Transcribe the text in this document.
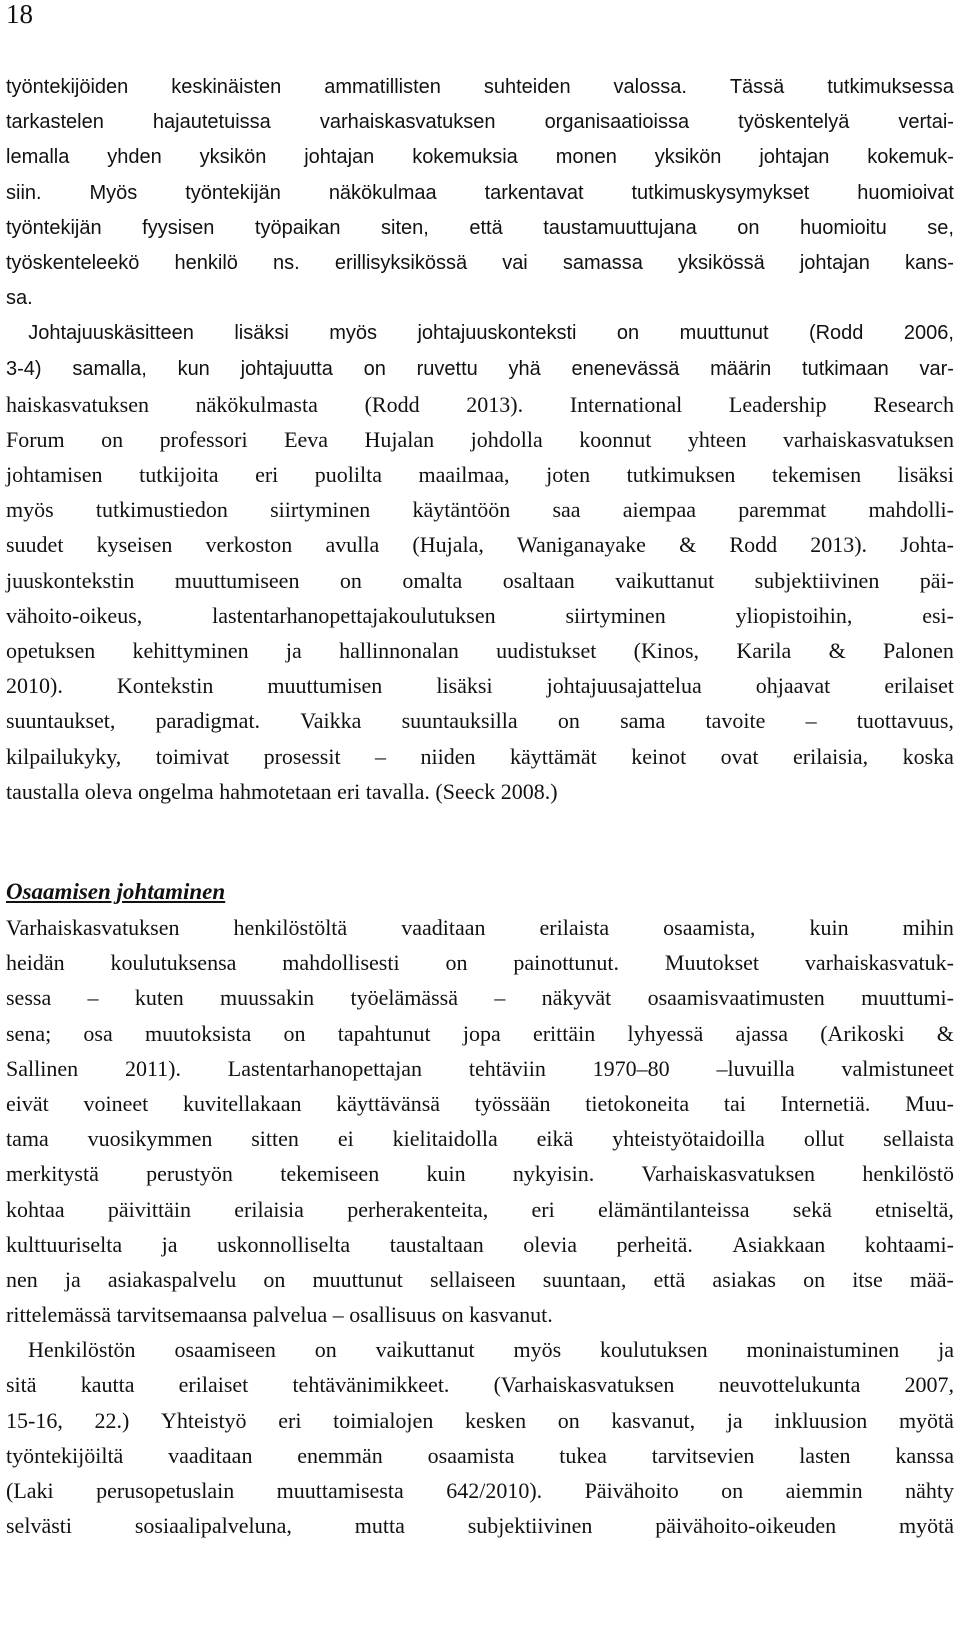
18
työntekijöiden keskinäisten ammatillisten suhteiden valossa. Tässä tutkimuksessa
tarkastelen hajautetuissa varhaiskasvatuksen organisaatioissa työskentelyä vertai-
lemalla yhden yksikön johtajan kokemuksia monen yksikön johtajan kokemuk-
siin. Myös työntekijän näkökulmaa tarkentavat tutkimuskysymykset huomioivat
työntekijän fyysisen työpaikan siten, että taustamuuttujana on huomioitu se,
työskenteleekö henkilö ns. erillisyksikössä vai samassa yksikössä johtajan kans-
sa.
Johtajuuskäsitteen lisäksi myös johtajuuskonteksti on muuttunut (Rodd 2006,
3-4) samalla, kun johtajuutta on ruvettu yhä enenevässä määrin tutkimaan var-
haiskasvatuksen näkökulmasta (Rodd 2013). International Leadership Research
Forum on professori Eeva Hujalan johdolla koonnut yhteen varhaiskasvatuksen
johtamisen tutkijoita eri puolilta maailmaa, joten tutkimuksen tekemisen lisäksi
myös tutkimustiedon siirtyminen käytäntöön saa aiempaa paremmat mahdolli-
suudet kyseisen verkoston avulla (Hujala, Waniganayake & Rodd 2013). Johta-
juuskontekstin muuttumiseen on omalta osaltaan vaikuttanut subjektiivinen päi-
vähoito-oikeus,	lastentarhanopettajakoulutuksen	siirtyminen	yliopistoihin,	esi-
opetuksen kehittyminen ja hallinnonalan uudistukset (Kinos, Karila & Palonen
2010). Kontekstin muuttumisen lisäksi johtajuusajattelua ohjaavat erilaiset
suuntaukset, paradigmat. Vaikka suuntauksilla on sama tavoite – tuottavuus,
kilpailukyky, toimivat prosessit – niiden käyttämät keinot ovat erilaisia, koska
taustalla oleva ongelma hahmotetaan eri tavalla. (Seeck 2008.)
Osaamisen johtaminen
Varhaiskasvatuksen henkilöstöltä vaaditaan erilaista osaamista, kuin mihin
heidän koulutuksensa mahdollisesti on painottunut. Muutokset varhaiskasvatuk-
sessa – kuten muussakin työelämässä – näkyvät osaamisvaatimusten muuttumi-
sena; osa muutoksista on tapahtunut jopa erittäin lyhyessä ajassa (Arikoski &
Sallinen 2011). Lastentarhanopettajan tehtäviin 1970–80 –luvuilla valmistuneet
eivät voineet kuvitellakaan käyttävänsä työssään tietokoneita tai Internetiä. Muu-
tama vuosikymmen sitten ei kielitaidolla eikä yhteistyötaidoilla ollut sellaista
merkitystä perustyön tekemiseen kuin nykyisin. Varhaiskasvatuksen henkilöstö
kohtaa päivittäin erilaisia perherakenteita, eri elämäntilanteissa sekä etniseltä,
kulttuuriselta ja uskonnolliselta taustaltaan olevia perheitä. Asiakkaan kohtaami-
nen ja asiakaspalvelu on muuttunut sellaiseen suuntaan, että asiakas on itse mää-
rittelemässä tarvitsemaansa palvelua – osallisuus on kasvanut.
Henkilöstön osaamiseen on vaikuttanut myös koulutuksen moninaistuminen ja
sitä kautta erilaiset tehtävänimikkeet. (Varhaiskasvatuksen neuvottelukunta 2007,
15-16, 22.) Yhteistyö eri toimialojen kesken on kasvanut, ja inkluusion myötä
työntekijöiltä vaaditaan enemmän osaamista tukea tarvitsevien lasten kanssa
(Laki perusopetuslain muuttamisesta 642/2010). Päivähoito on aiemmin nähty
selvästi	sosiaalipalveluna,	mutta	subjektiivinen	päivähoito-oikeuden	myötä
